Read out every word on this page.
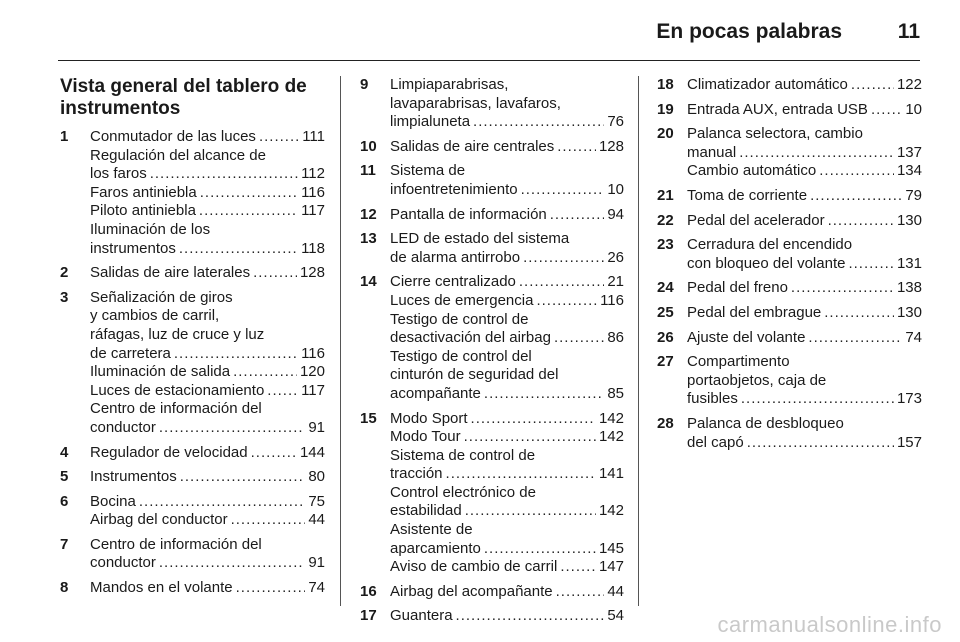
En pocas palabras	11
Vista general del tablero de instrumentos
1 Conmutador de las luces .....	111
Regulación del alcance de
los faros .....	112
Faros antiniebla .....	116
Piloto antiniebla .....	117
Iluminación de los
instrumentos .....	118
2 Salidas de aire laterales .....	128
3 Señalización de giros
y cambios de carril,
ráfagas, luz de cruce y luz
de carretera .....	116
Iluminación de salida .....	120
Luces de estacionamiento ..... 117
Centro de información del
conductor .....	91
4 Regulador de velocidad .....	144
5 Instrumentos .....	80
6 Bocina .....	75
Airbag del conductor .....	44
7 Centro de información del
conductor .....	91
8 Mandos en el volante .....	74
9 Limpiaparabrisas,
lavaparabrisas, lavafaros,
limpialuneta .....	76
10 Salidas de aire centrales .....	128
11 Sistema de
infoentretenimiento .....	10
12 Pantalla de información .....	94
13 LED de estado del sistema
de alarma antirrobo .....	26
14 Cierre centralizado .....	21
Luces de emergencia .....	116
Testigo de control de
desactivación del airbag .....	86
Testigo de control del
cinturón de seguridad del
acompañante .....	85
15 Modo Sport .....	142
Modo Tour .....	142
Sistema de control de
tracción .....	141
Control electrónico de
estabilidad .....	142
Asistente de
aparcamiento .....	145
Aviso de cambio de carril .....	147
16 Airbag del acompañante .....	44
17 Guantera .....	54
18 Climatizador automático .....	122
19 Entrada AUX, entrada USB ..... 10
20 Palanca selectora, cambio
manual .....	137
Cambio automático .....	134
21 Toma de corriente .....	79
22 Pedal del acelerador .....	130
23 Cerradura del encendido
con bloqueo del volante .....	131
24 Pedal del freno .....	138
25 Pedal del embrague .....	130
26 Ajuste del volante .....	74
27 Compartimento
portaobjetos, caja de
fusibles .....	173
28 Palanca de desbloqueo
del capó .....	157
carmanualsonline.info
